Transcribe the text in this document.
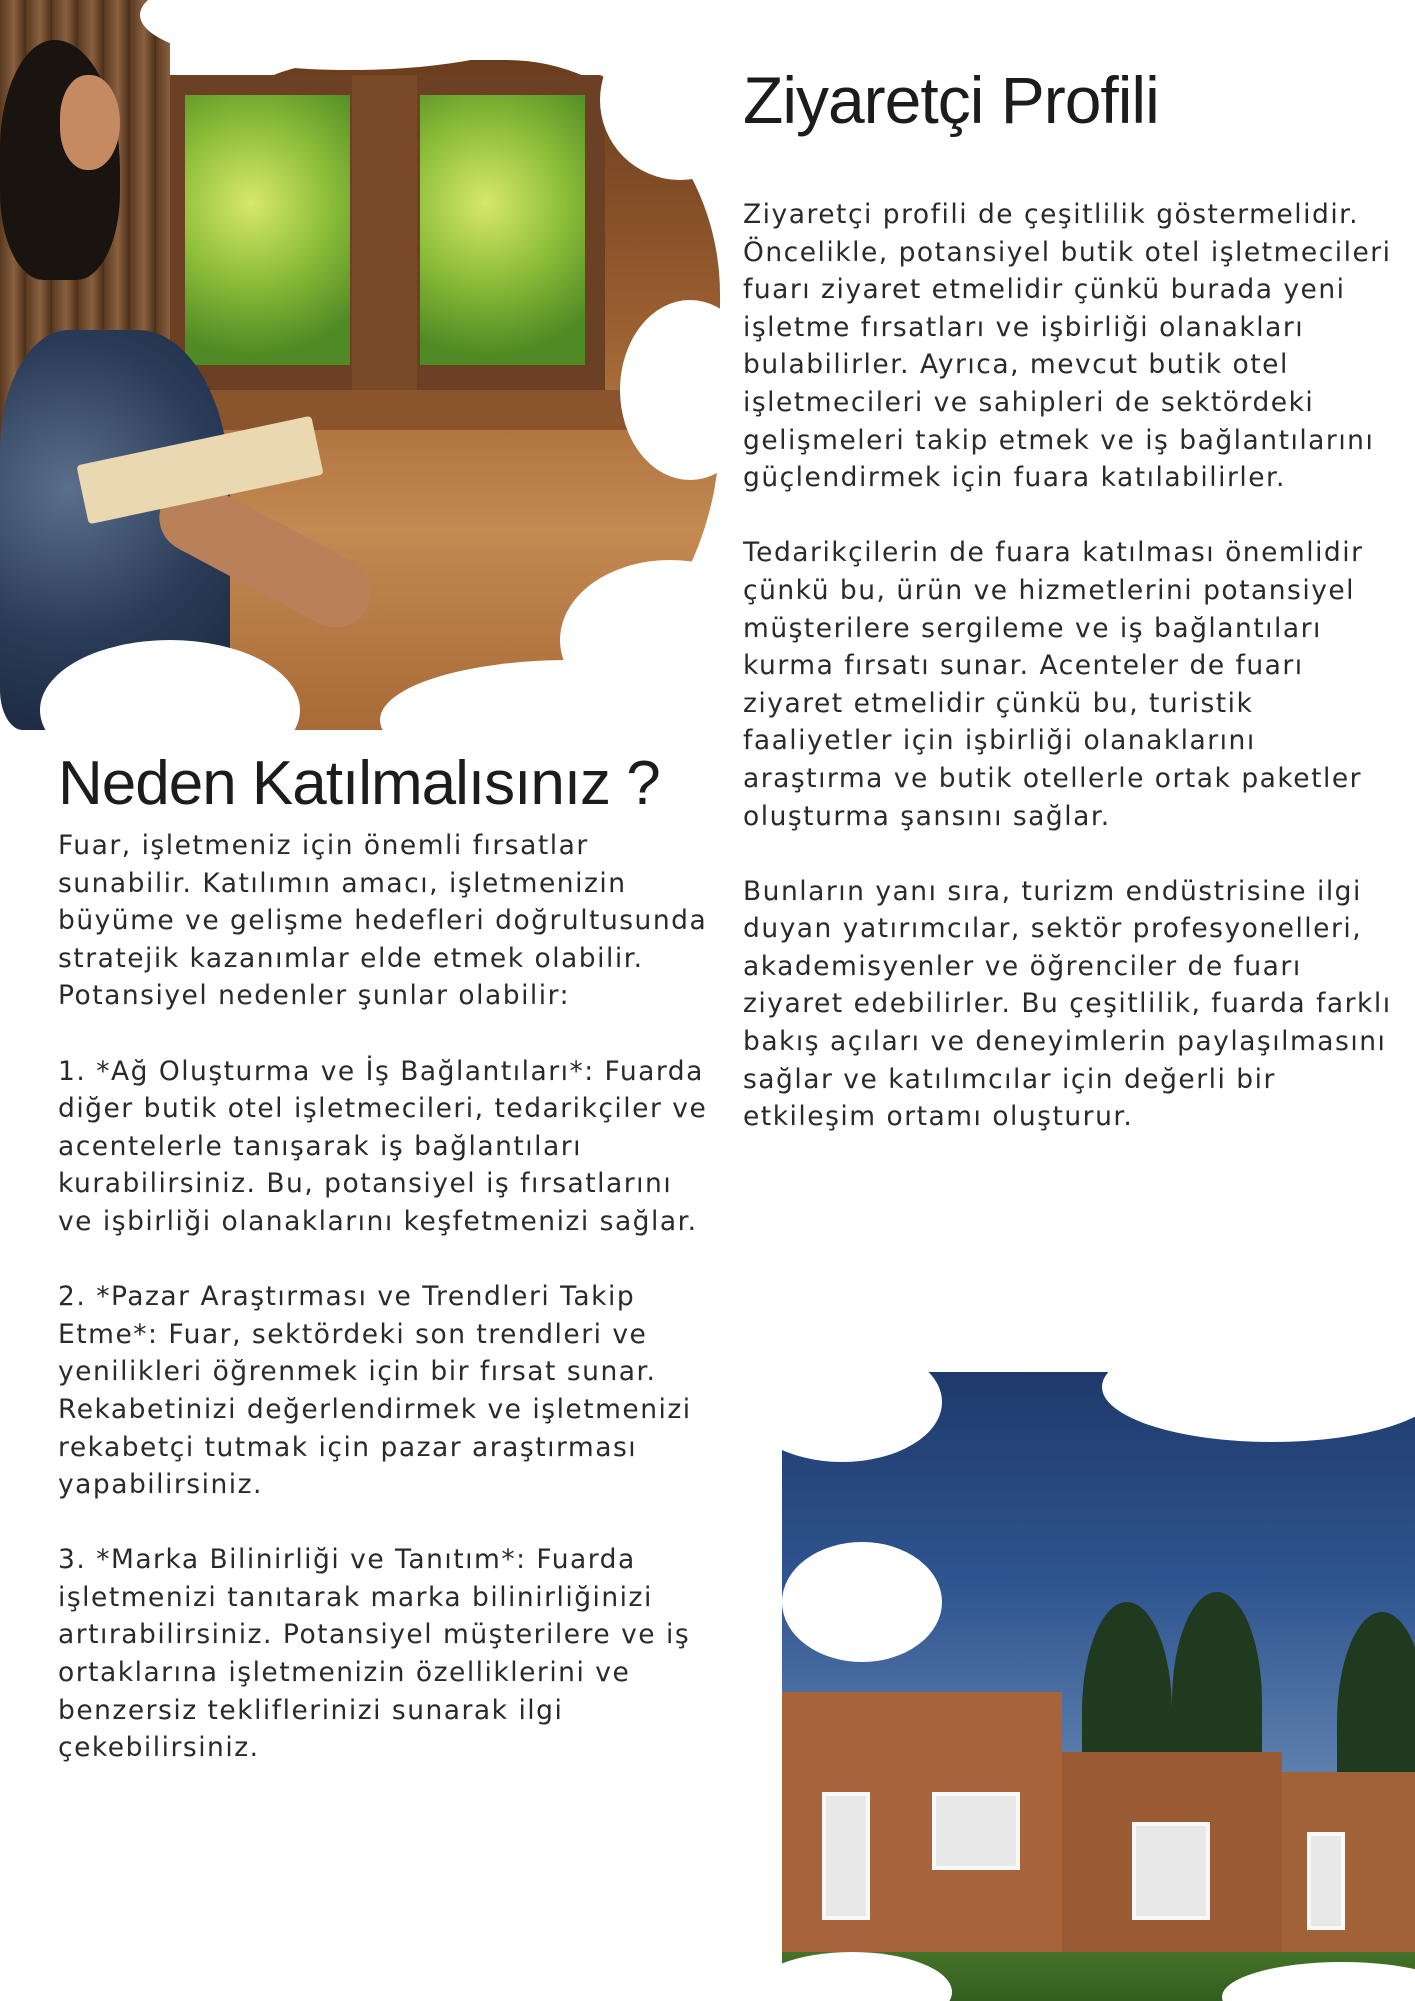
Ziyaretçi Profili

Ziyaretçi profili de çeşitlilik göstermelidir. Öncelikle, potansiyel butik otel işletmecileri fuarı ziyaret etmelidir çünkü burada yeni işletme fırsatları ve işbirliği olanakları bulabilirler. Ayrıca, mevcut butik otel işletmecileri ve sahipleri de sektördeki gelişmeleri takip etmek ve iş bağlantılarını güçlendirmek için fuara katılabilirler.

Tedarikçilerin de fuara katılması önemlidir çünkü bu, ürün ve hizmetlerini potansiyel müşterilere sergileme ve iş bağlantıları kurma fırsatı sunar. Acenteler de fuarı ziyaret etmelidir çünkü bu, turistik faaliyetler için işbirliği olanaklarını araştırma ve butik otellerle ortak paketler oluşturma şansını sağlar.

Bunların yanı sıra, turizm endüstrisine ilgi duyan yatırımcılar, sektör profesyonelleri, akademisyenler ve öğrenciler de fuarı ziyaret edebilirler. Bu çeşitlilik, fuarda farklı bakış açıları ve deneyimlerin paylaşılmasını sağlar ve katılımcılar için değerli bir etkileşim ortamı oluşturur.

Neden Katılmalısınız ?

Fuar, işletmeniz için önemli fırsatlar sunabilir. Katılımın amacı, işletmenizin büyüme ve gelişme hedefleri doğrultusunda stratejik kazanımlar elde etmek olabilir. Potansiyel nedenler şunlar olabilir:

1. *Ağ Oluşturma ve İş Bağlantıları*: Fuarda diğer butik otel işletmecileri, tedarikçiler ve acentelerle tanışarak iş bağlantıları kurabilirsiniz. Bu, potansiyel iş fırsatlarını ve işbirliği olanaklarını keşfetmenizi sağlar.

2. *Pazar Araştırması ve Trendleri Takip Etme*: Fuar, sektördeki son trendleri ve yenilikleri öğrenmek için bir fırsat sunar. Rekabetinizi değerlendirmek ve işletmenizi rekabetçi tutmak için pazar araştırması yapabilirsiniz.

3. *Marka Bilinirliği ve Tanıtım*: Fuarda işletmenizi tanıtarak marka bilinirliğinizi artırabilirsiniz. Potansiyel müşterilere ve iş ortaklarına işletmenizin özelliklerini ve benzersiz tekliflerinizi sunarak ilgi çekebilirsiniz.
